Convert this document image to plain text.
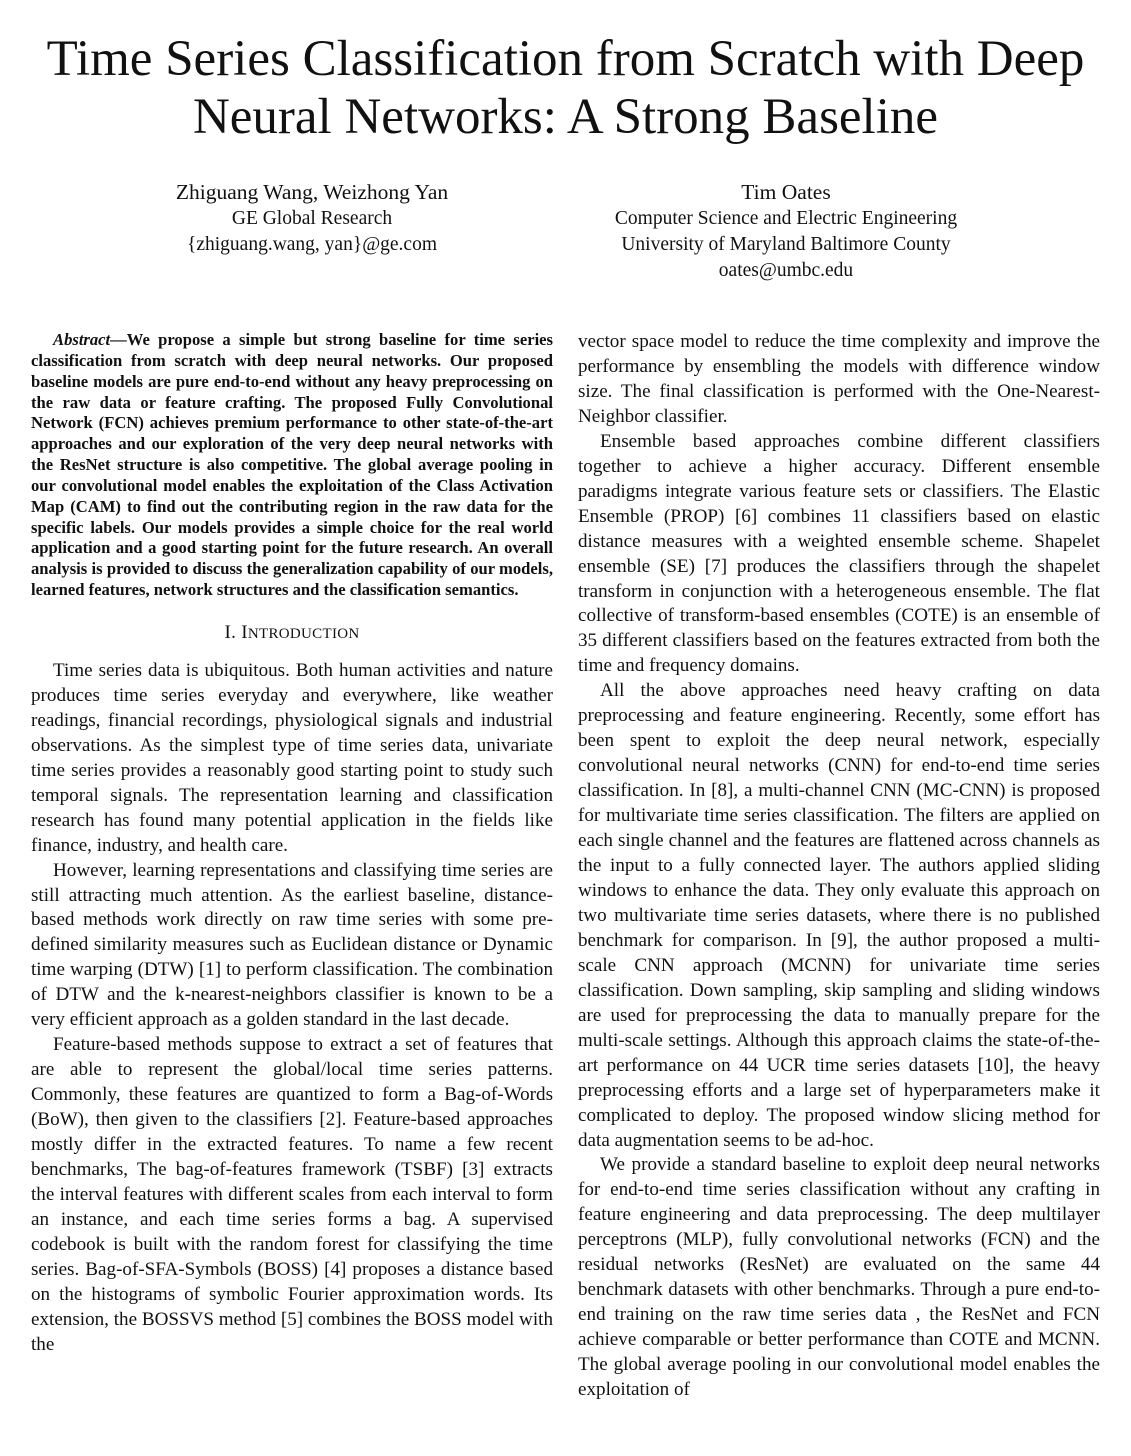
Time Series Classification from Scratch with Deep
Neural Networks: A Strong Baseline
Zhiguang Wang, Weizhong Yan
GE Global Research
{zhiguang.wang, yan}@ge.com
Tim Oates
Computer Science and Electric Engineering
University of Maryland Baltimore County
oates@umbc.edu

Abstract—We propose a simple but strong baseline for time series classification from scratch with deep neural networks. Our proposed baseline models are pure end-to-end without any heavy preprocessing on the raw data or feature crafting. The proposed Fully Convolutional Network (FCN) achieves premium performance to other state-of-the-art approaches and our exploration of the very deep neural networks with the ResNet structure is also competitive. The global average pooling in our convolutional model enables the exploitation of the Class Activation Map (CAM) to find out the contributing region in the raw data for the specific labels. Our models provides a simple choice for the real world application and a good starting point for the future research. An overall analysis is provided to discuss the generalization capability of our models, learned features, network structures and the classification semantics.

I. INTRODUCTION

Time series data is ubiquitous. Both human activities and nature produces time series everyday and everywhere, like weather readings, financial recordings, physiological signals and industrial observations. As the simplest type of time series data, univariate time series provides a reasonably good starting point to study such temporal signals. The representation learning and classification research has found many potential application in the fields like finance, industry, and health care.

However, learning representations and classifying time series are still attracting much attention. As the earliest baseline, distance-based methods work directly on raw time series with some pre-defined similarity measures such as Euclidean distance or Dynamic time warping (DTW) [1] to perform classification. The combination of DTW and the k-nearest-neighbors classifier is known to be a very efficient approach as a golden standard in the last decade.

Feature-based methods suppose to extract a set of features that are able to represent the global/local time series patterns. Commonly, these features are quantized to form a Bag-of-Words (BoW), then given to the classifiers [2]. Feature-based approaches mostly differ in the extracted features. To name a few recent benchmarks, The bag-of-features framework (TSBF) [3] extracts the interval features with different scales from each interval to form an instance, and each time series forms a bag. A supervised codebook is built with the random forest for classifying the time series. Bag-of-SFA-Symbols (BOSS) [4] proposes a distance based on the histograms of symbolic Fourier approximation words. Its extension, the BOSSVS method [5] combines the BOSS model with the

vector space model to reduce the time complexity and improve the performance by ensembling the models with difference window size. The final classification is performed with the One-Nearest-Neighbor classifier.

Ensemble based approaches combine different classifiers together to achieve a higher accuracy. Different ensemble paradigms integrate various feature sets or classifiers. The Elastic Ensemble (PROP) [6] combines 11 classifiers based on elastic distance measures with a weighted ensemble scheme. Shapelet ensemble (SE) [7] produces the classifiers through the shapelet transform in conjunction with a heterogeneous ensemble. The flat collective of transform-based ensembles (COTE) is an ensemble of 35 different classifiers based on the features extracted from both the time and frequency domains.

All the above approaches need heavy crafting on data preprocessing and feature engineering. Recently, some effort has been spent to exploit the deep neural network, especially convolutional neural networks (CNN) for end-to-end time series classification. In [8], a multi-channel CNN (MC-CNN) is proposed for multivariate time series classification. The filters are applied on each single channel and the features are flattened across channels as the input to a fully connected layer. The authors applied sliding windows to enhance the data. They only evaluate this approach on two multivariate time series datasets, where there is no published benchmark for comparison. In [9], the author proposed a multi-scale CNN approach (MCNN) for univariate time series classification. Down sampling, skip sampling and sliding windows are used for preprocessing the data to manually prepare for the multi-scale settings. Although this approach claims the state-of-the-art performance on 44 UCR time series datasets [10], the heavy preprocessing efforts and a large set of hyperparameters make it complicated to deploy. The proposed window slicing method for data augmentation seems to be ad-hoc.

We provide a standard baseline to exploit deep neural networks for end-to-end time series classification without any crafting in feature engineering and data preprocessing. The deep multilayer perceptrons (MLP), fully convolutional networks (FCN) and the residual networks (ResNet) are evaluated on the same 44 benchmark datasets with other benchmarks. Through a pure end-to-end training on the raw time series data , the ResNet and FCN achieve comparable or better performance than COTE and MCNN. The global average pooling in our convolutional model enables the exploitation of
